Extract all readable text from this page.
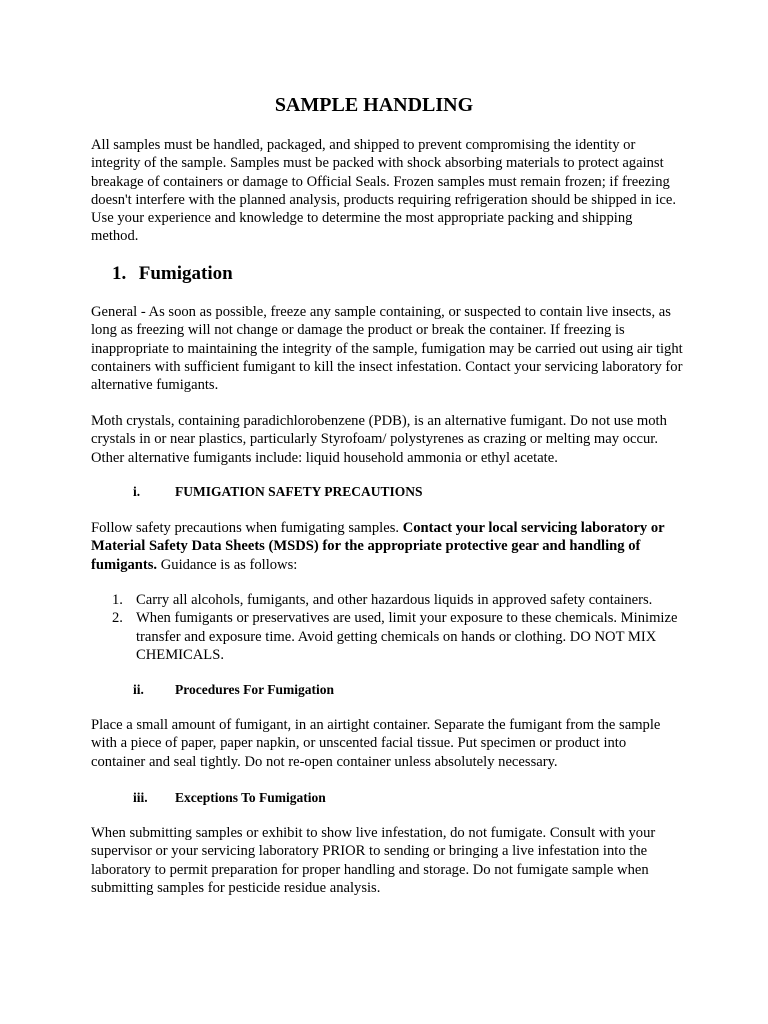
SAMPLE HANDLING

All samples must be handled, packaged, and shipped to prevent compromising the identity or integrity of the sample. Samples must be packed with shock absorbing materials to protect against breakage of containers or damage to Official Seals. Frozen samples must remain frozen; if freezing doesn't interfere with the planned analysis, products requiring refrigeration should be shipped in ice. Use your experience and knowledge to determine the most appropriate packing and shipping method.

1. Fumigation

General - As soon as possible, freeze any sample containing, or suspected to contain live insects, as long as freezing will not change or damage the product or break the container. If freezing is inappropriate to maintaining the integrity of the sample, fumigation may be carried out using air tight containers with sufficient fumigant to kill the insect infestation. Contact your servicing laboratory for alternative fumigants.

Moth crystals, containing paradichlorobenzene (PDB), is an alternative fumigant. Do not use moth crystals in or near plastics, particularly Styrofoam/ polystyrenes as crazing or melting may occur. Other alternative fumigants include: liquid household ammonia or ethyl acetate.

i.	FUMIGATION SAFETY PRECAUTIONS

Follow safety precautions when fumigating samples. Contact your local servicing laboratory or Material Safety Data Sheets (MSDS) for the appropriate protective gear and handling of fumigants. Guidance is as follows:

1. Carry all alcohols, fumigants, and other hazardous liquids in approved safety containers.
2. When fumigants or preservatives are used, limit your exposure to these chemicals. Minimize transfer and exposure time. Avoid getting chemicals on hands or clothing. DO NOT MIX CHEMICALS.
ii. Procedures For Fumigation

Place a small amount of fumigant, in an airtight container. Separate the fumigant from the sample with a piece of paper, paper napkin, or unscented facial tissue. Put specimen or product into container and seal tightly. Do not re-open container unless absolutely necessary.

iii. Exceptions To Fumigation

When submitting samples or exhibit to show live infestation, do not fumigate. Consult with your supervisor or your servicing laboratory PRIOR to sending or bringing a live infestation into the laboratory to permit preparation for proper handling and storage. Do not fumigate sample when submitting samples for pesticide residue analysis.
